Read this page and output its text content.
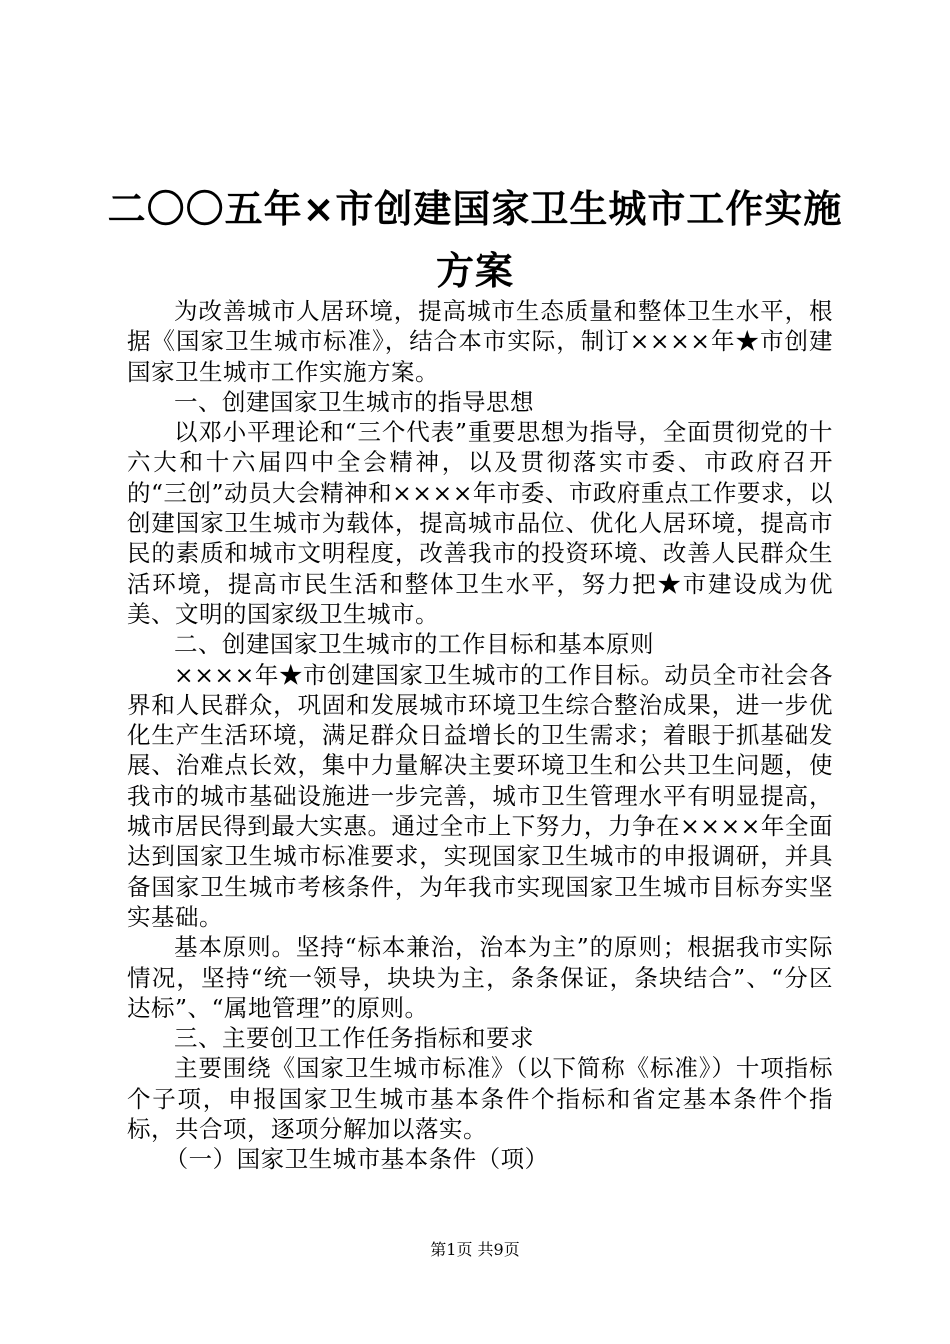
二〇〇五年×市创建国家卫生城市工作实施方案

为改善城市人居环境，提高城市生态质量和整体卫生水平，根据《国家卫生城市标准》，结合本市实际，制订××××年★市创建国家卫生城市工作实施方案。

一、创建国家卫生城市的指导思想

以邓小平理论和“三个代表”重要思想为指导，全面贯彻党的十六大和十六届四中全会精神，以及贯彻落实市委、市政府召开的“三创”动员大会精神和××××年市委、市政府重点工作要求，以创建国家卫生城市为载体，提高城市品位、优化人居环境，提高市民的素质和城市文明程度，改善我市的投资环境、改善人民群众生活环境，提高市民生活和整体卫生水平，努力把★市建设成为优美、文明的国家级卫生城市。

二、创建国家卫生城市的工作目标和基本原则

××××年★市创建国家卫生城市的工作目标。动员全市社会各界和人民群众，巩固和发展城市环境卫生综合整治成果，进一步优化生产生活环境，满足群众日益增长的卫生需求；着眼于抓基础发展、治难点长效，集中力量解决主要环境卫生和公共卫生问题，使我市的城市基础设施进一步完善，城市卫生管理水平有明显提高，城市居民得到最大实惠。通过全市上下努力，力争在××××年全面达到国家卫生城市标准要求，实现国家卫生城市的申报调研，并具备国家卫生城市考核条件，为年我市实现国家卫生城市目标夯实坚实基础。

基本原则。坚持“标本兼治，治本为主”的原则；根据我市实际情况，坚持“统一领导，块块为主，条条保证，条块结合”、“分区达标”、“属地管理”的原则。

三、主要创卫工作任务指标和要求

主要围绕《国家卫生城市标准》（以下简称《标准》）十项指标个子项，申报国家卫生城市基本条件个指标和省定基本条件个指标，共合项，逐项分解加以落实。

（一）国家卫生城市基本条件（项）

第1页 共9页
